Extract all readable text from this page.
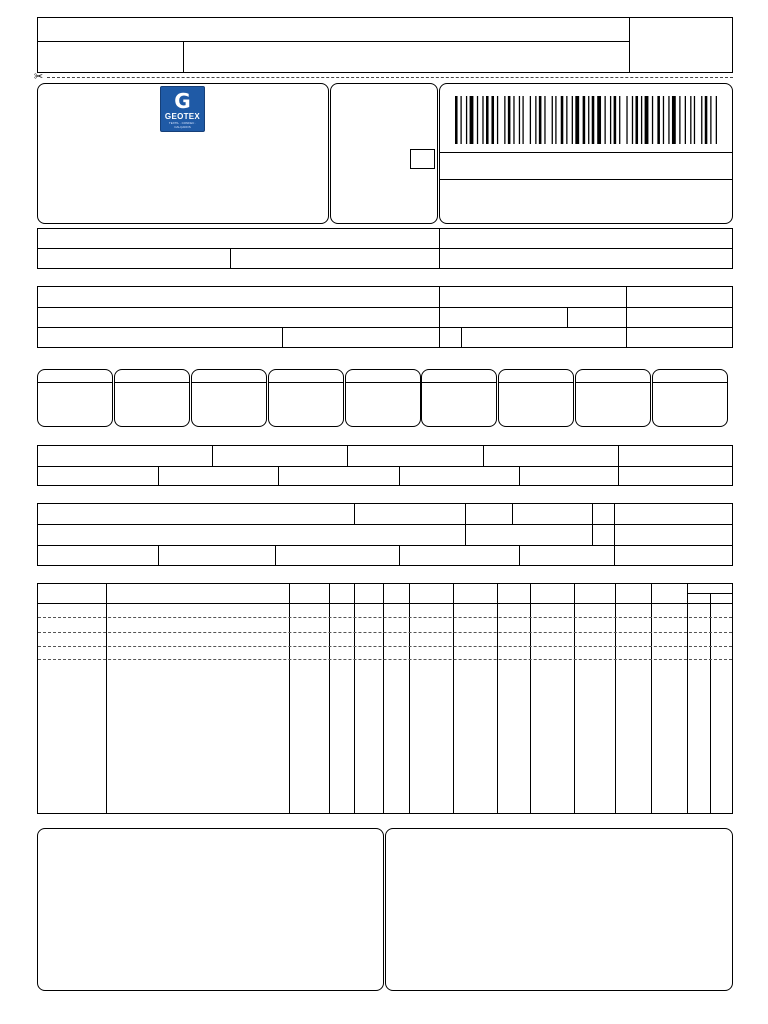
✂
G
GEOTEX
TEXTIL · CONFEC · CALÇADOS
